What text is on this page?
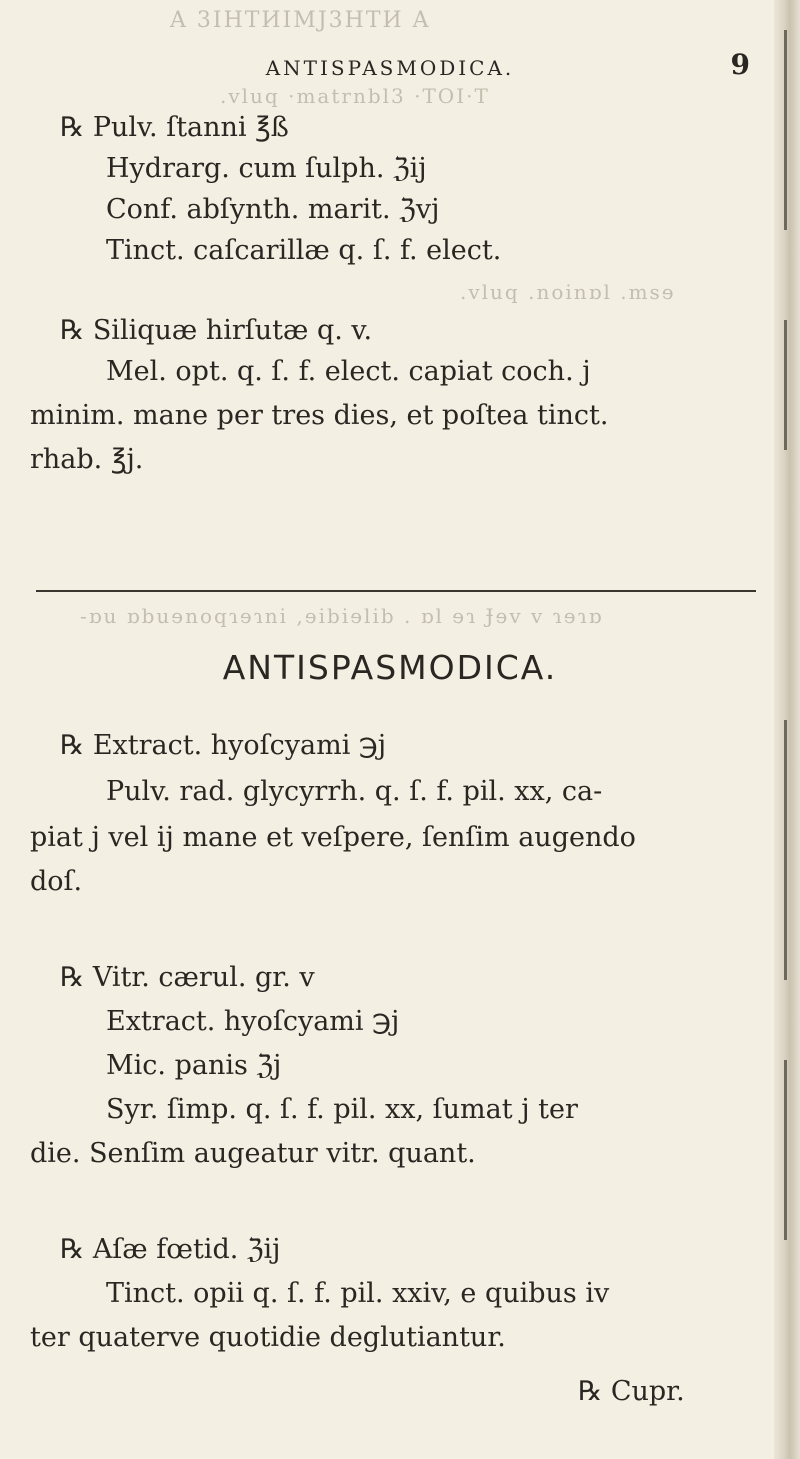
A 3IHTИIMJ3HTИ A
.vluq ·matrnbl3 ·TOI·T
ANTISPASMODICA.	9
℞ Pulv. ſtanni ℥ß
Hydrarg. cum ſulph. ℨij
Conf. abſynth. marit. ℨvj
Tinct. caſcarillæ q. ſ. f. elect.
.vluq .noinɒl .msɘ
℞ Siliquæ hirſutæ q. v.
Mel. opt. q. ſ. f. elect. capiat coch. j
minim. mane per tres dies, et poſtea tinct.
rhab. ℥j.
-ɒu ɒbuɘnoqɿɘɿni ,ɘibiɘlib . ɒl ɘɿ Ɉɘv v ɿɘɿɒ
ANTISPASMODICA.
℞ Extract. hyoſcyami ℈j
Pulv. rad. glycyrrh. q. ſ. f. pil. xx, ca-
piat j vel ij mane et veſpere, ſenſim augendo
doſ.
℞ Vitr. cærul. gr. v
Extract. hyoſcyami ℈j
Mic. panis ℨj
Syr. ſimp. q. ſ. f. pil. xx, ſumat j ter
die. Senſim augeatur vitr. quant.
℞ Aſæ fœtid. ℨij
Tinct. opii q. ſ. f. pil. xxiv, e quibus iv
ter quaterve quotidie deglutiantur.
℞ Cupr.
